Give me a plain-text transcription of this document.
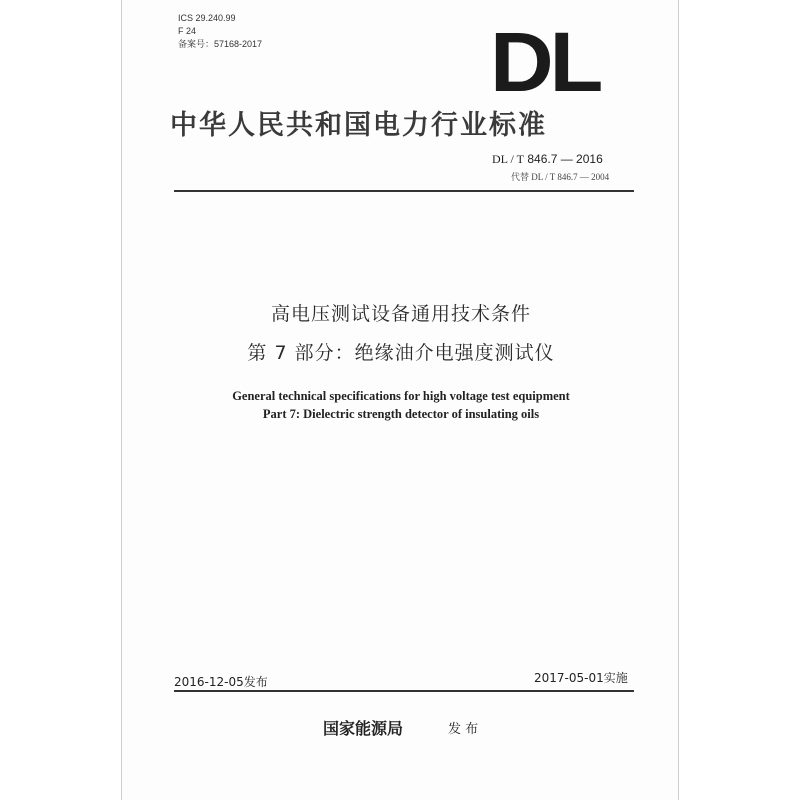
ICS 29.240.99
F 24
备案号：57168-2017	DL
中华人民共和国电力行业标准
DL / T 846.7 — 2016
代替 DL / T 846.7 — 2004
高电压测试设备通用技术条件
第 7 部分：绝缘油介电强度测试仪
General technical specifications for high voltage test equipment
Part 7: Dielectric strength detector of insulating oils
2016-12-05发布	2017-05-01实施
国家能源局	发 布
